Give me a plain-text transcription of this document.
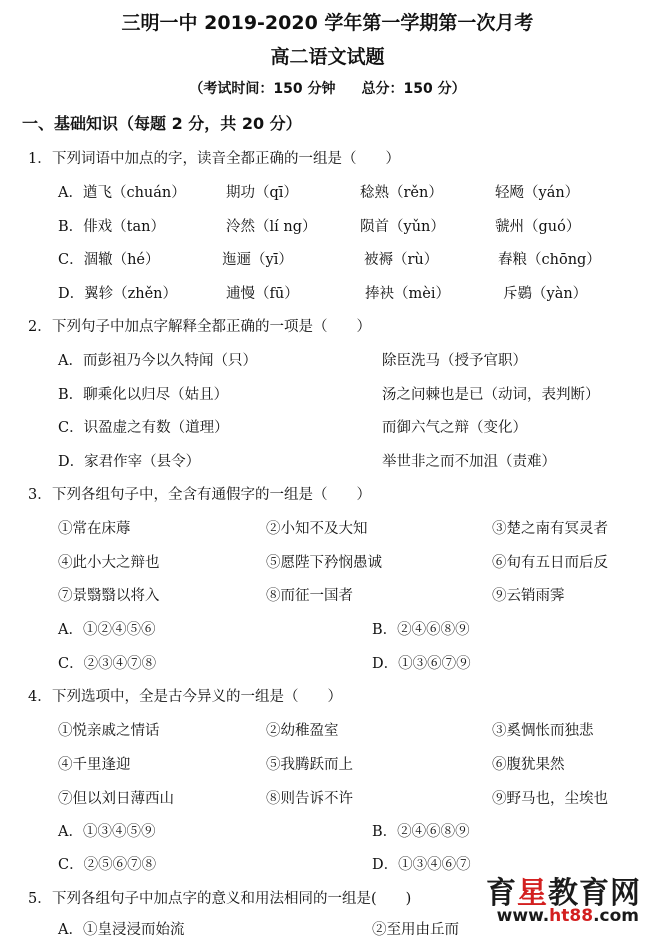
三明一中 2019-2020 学年第一学期第一次月考
高二语文试题
（考试时间：150 分钟 总分：150 分）
一、基础知识（每题 2 分，共 20 分）
1．下列词语中加点的字，读音全都正确的一组是（　　）
A．遒飞（chuán）	期功（qī）	稔熟（rěn）	轻飏（yán）
B．俳戏（tan）	泠然（lí ng）	陨首（yǔn）	虢州（guó）
C．涸辙（hé）	迤逦（yī）	被褥（rù）	舂粮（chōng）
D．翼轸（zhěn）	逋慢（fū）	捧袂（mèi）	斥鷃（yàn）
2．下列句子中加点字解释全都正确的一项是（　　）
A．而彭祖乃今以久特闻（只）	除臣洗马（授予官职）
B．聊乘化以归尽（姑且）	汤之问棘也是已（动词，表判断）
C．识盈虚之有数（道理）	而御六气之辩（变化）
D．家君作宰（县令）	举世非之而不加沮（责难）
3．下列各组句子中，全含有通假字的一组是（　　）
①常在床蓐	②小知不及大知	③楚之南有冥灵者
④此小大之辩也	⑤愿陛下矜悯愚诚	⑥旬有五日而后反
⑦景翳翳以将入	⑧而征一国者	⑨云销雨霁
A．①②④⑤⑥	B．②④⑥⑧⑨
C．②③④⑦⑧	D．①③⑥⑦⑨
4．下列选项中，全是古今异义的一组是（　　）
①悦亲戚之情话	②幼稚盈室	③奚惆怅而独悲
④千里逢迎	⑤我腾跃而上	⑥腹犹果然
⑦但以刘日薄西山	⑧则告诉不许	⑨野马也，尘埃也
A．①③④⑤⑨	B．②④⑥⑧⑨
C．②⑤⑥⑦⑧	D．①③④⑥⑦
5．下列各组句子中加点字的意义和用法相同的一组是(　　)
A．①皇浸浸而始流	②至用由丘而
育星教育网
www.ht88.com
